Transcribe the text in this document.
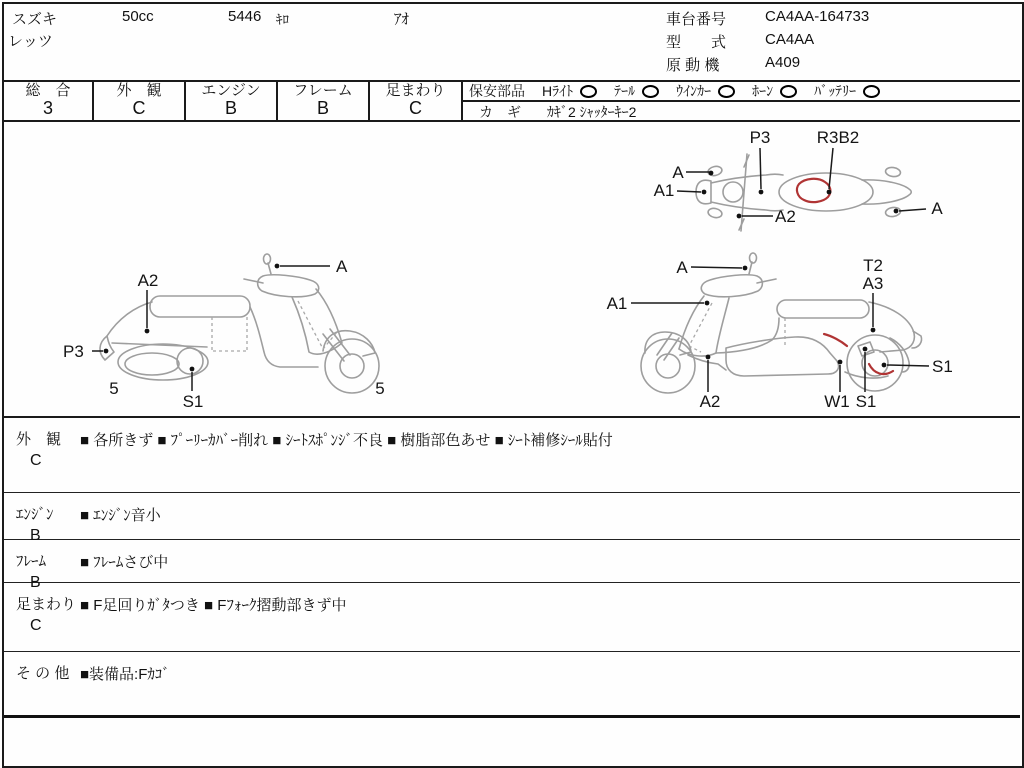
スズキ
レッツ
50cc	5446 ｷﾛ	ｱｵ	車台番号	CA4AA-164733
型　　式	CA4AA
原 動 機	A409
総　合
3
外　観
C
エンジン
B
フレーム
B
足まわり
C
保安部品 Hﾗｲﾄ	ﾃｰﾙ	ｳｲﾝｶｰ	ﾎｰﾝ	ﾊﾞｯﾃﾘｰ
カ　ギ ｶｷﾞ2 ｼｬｯﾀｰｷｰ2
P3	R3B2
A
A1
A2	A
A2
A
P3
5
S1
5
A
A1
T2
A3
A2	W1 S1
S1
外　観
C
■ 各所きず ■ ﾌﾟｰﾘｰｶﾊﾞｰ削れ ■ ｼｰﾄｽﾎﾟﾝｼﾞ不良 ■ 樹脂部色あせ ■ ｼｰﾄ補修ｼｰﾙ貼付
ｴﾝｼﾞﾝ
B
■ ｴﾝｼﾞﾝ音小
ﾌﾚｰﾑ
B
■ ﾌﾚｰﾑさび中
足まわり
C
■ F足回りｶﾞﾀつき ■ Fﾌｫｰｸ摺動部きず中
そ の 他 ■装備品:Fｶｺﾞ
